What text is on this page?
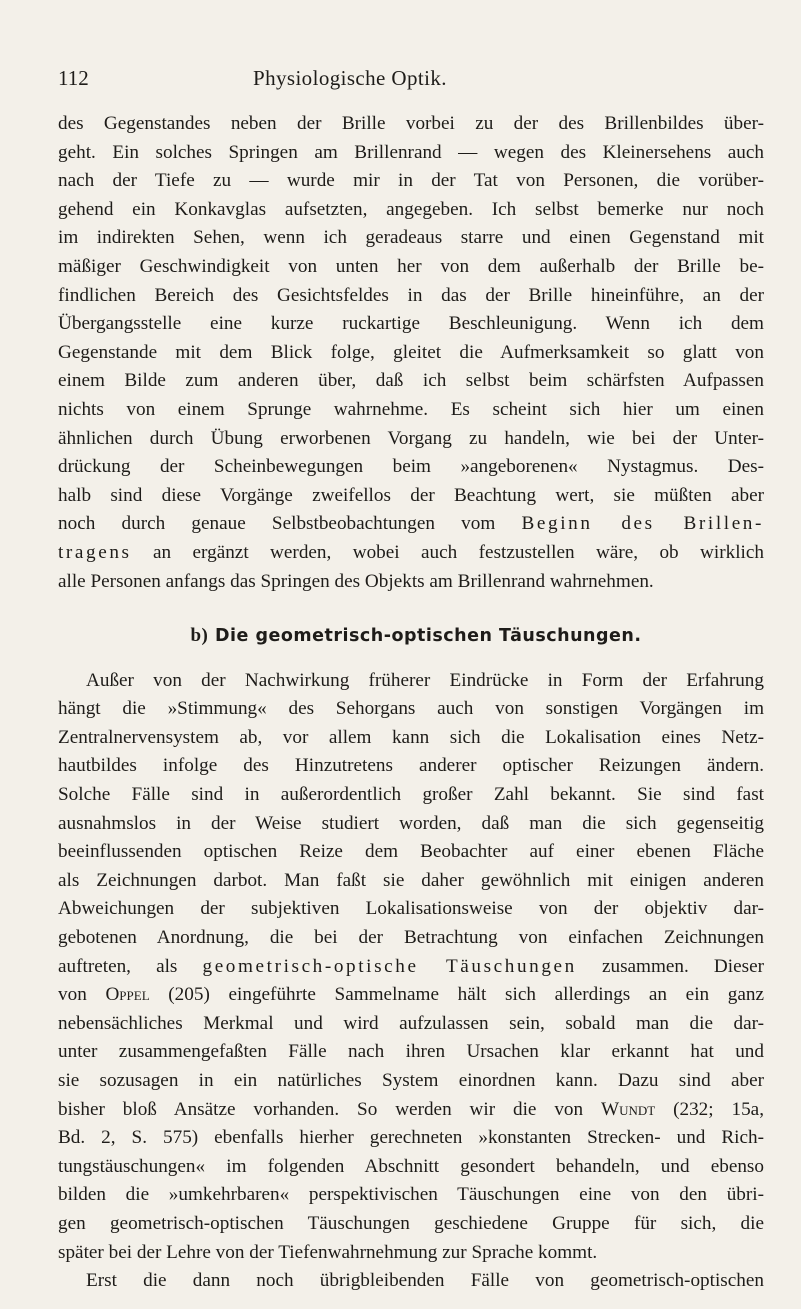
112	Physiologische Optik.

des Gegenstandes neben der Brille vorbei zu der des Brillenbildes über-
geht. Ein solches Springen am Brillenrand — wegen des Kleinersehens auch
nach der Tiefe zu — wurde mir in der Tat von Personen, die vorüber-
gehend ein Konkavglas aufsetzten, angegeben. Ich selbst bemerke nur noch
im indirekten Sehen, wenn ich geradeaus starre und einen Gegenstand mit
mäßiger Geschwindigkeit von unten her von dem außerhalb der Brille be-
findlichen Bereich des Gesichtsfeldes in das der Brille hineinführe, an der
Übergangsstelle eine kurze ruckartige Beschleunigung. Wenn ich dem
Gegenstande mit dem Blick folge, gleitet die Aufmerksamkeit so glatt von
einem Bilde zum anderen über, daß ich selbst beim schärfsten Aufpassen
nichts von einem Sprunge wahrnehme. Es scheint sich hier um einen
ähnlichen durch Übung erworbenen Vorgang zu handeln, wie bei der Unter-
drückung der Scheinbewegungen beim »angeborenen« Nystagmus. Des-
halb sind diese Vorgänge zweifellos der Beachtung wert, sie müßten aber
noch durch genaue Selbstbeobachtungen vom Beginn des Brillen-
tragens an ergänzt werden, wobei auch festzustellen wäre, ob wirklich
alle Personen anfangs das Springen des Objekts am Brillenrand wahrnehmen.

b) Die geometrisch-optischen Täuschungen.

Außer von der Nachwirkung früherer Eindrücke in Form der Erfahrung
hängt die »Stimmung« des Sehorgans auch von sonstigen Vorgängen im
Zentralnervensystem ab, vor allem kann sich die Lokalisation eines Netz-
hautbildes infolge des Hinzutretens anderer optischer Reizungen ändern.
Solche Fälle sind in außerordentlich großer Zahl bekannt. Sie sind fast
ausnahmslos in der Weise studiert worden, daß man die sich gegenseitig
beeinflussenden optischen Reize dem Beobachter auf einer ebenen Fläche
als Zeichnungen darbot. Man faßt sie daher gewöhnlich mit einigen anderen
Abweichungen der subjektiven Lokalisationsweise von der objektiv dar-
gebotenen Anordnung, die bei der Betrachtung von einfachen Zeichnungen
auftreten, als geometrisch-optische Täuschungen zusammen. Dieser
von Oppel (205) eingeführte Sammelname hält sich allerdings an ein ganz
nebensächliches Merkmal und wird aufzulassen sein, sobald man die dar-
unter zusammengefaßten Fälle nach ihren Ursachen klar erkannt hat und
sie sozusagen in ein natürliches System einordnen kann. Dazu sind aber
bisher bloß Ansätze vorhanden. So werden wir die von Wundt (232; 15a,
Bd. 2, S. 575) ebenfalls hierher gerechneten »konstanten Strecken- und Rich-
tungstäuschungen« im folgenden Abschnitt gesondert behandeln, und ebenso
bilden die »umkehrbaren« perspektivischen Täuschungen eine von den übri-
gen geometrisch-optischen Täuschungen geschiedene Gruppe für sich, die
später bei der Lehre von der Tiefenwahrnehmung zur Sprache kommt.

Erst die dann noch übrigbleibenden Fälle von geometrisch-optischen
